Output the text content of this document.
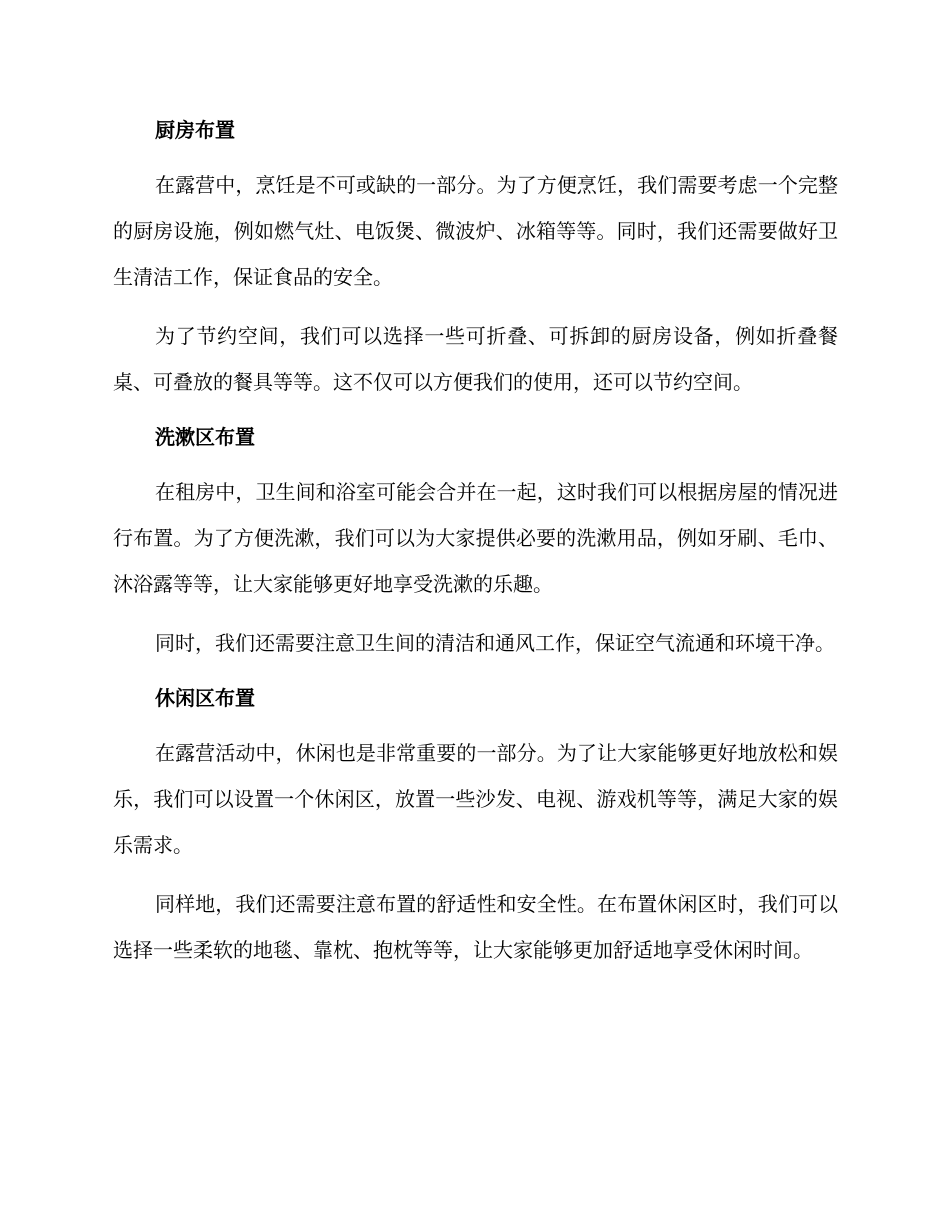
厨房布置

在露营中，烹饪是不可或缺的一部分。为了方便烹饪，我们需要考虑一个完整的厨房设施，例如燃气灶、电饭煲、微波炉、冰箱等等。同时，我们还需要做好卫生清洁工作，保证食品的安全。

为了节约空间，我们可以选择一些可折叠、可拆卸的厨房设备，例如折叠餐桌、可叠放的餐具等等。这不仅可以方便我们的使用，还可以节约空间。

洗漱区布置

在租房中，卫生间和浴室可能会合并在一起，这时我们可以根据房屋的情况进行布置。为了方便洗漱，我们可以为大家提供必要的洗漱用品，例如牙刷、毛巾、沐浴露等等，让大家能够更好地享受洗漱的乐趣。

同时，我们还需要注意卫生间的清洁和通风工作，保证空气流通和环境干净。

休闲区布置

在露营活动中，休闲也是非常重要的一部分。为了让大家能够更好地放松和娱乐，我们可以设置一个休闲区，放置一些沙发、电视、游戏机等等，满足大家的娱乐需求。

同样地，我们还需要注意布置的舒适性和安全性。在布置休闲区时，我们可以选择一些柔软的地毯、靠枕、抱枕等等，让大家能够更加舒适地享受休闲时间。
